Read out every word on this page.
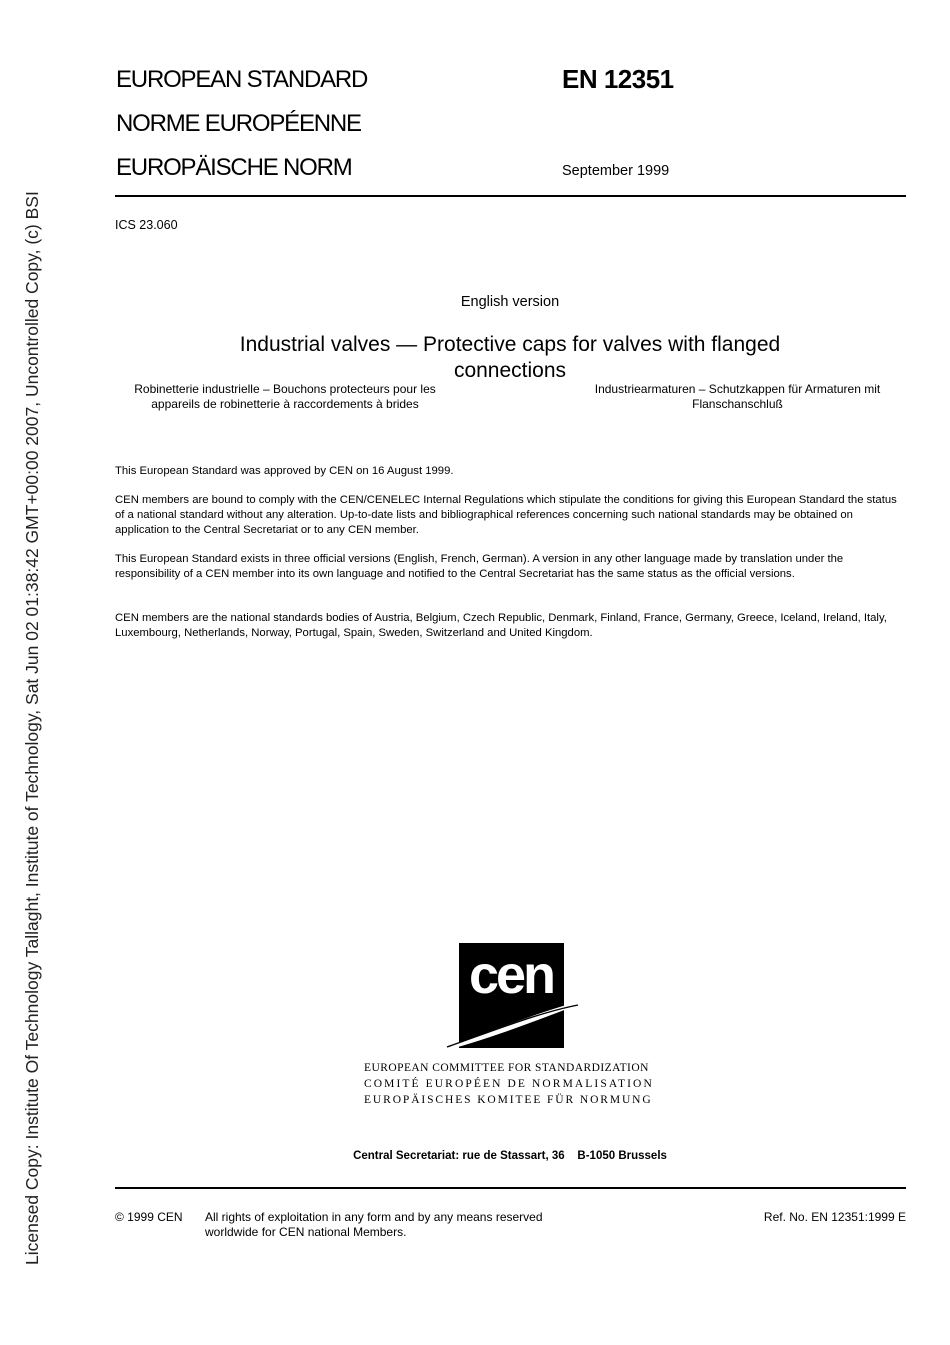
Licensed Copy: Institute Of Technology Tallaght, Institute of Technology, Sat Jun 02 01:38:42 GMT+00:00 2007, Uncontrolled Copy, (c) BSI
EUROPEAN STANDARD
NORME EUROPÉENNE
EUROPÄISCHE NORM
EN 12351
September 1999
ICS 23.060
English version
Industrial valves — Protective caps for valves with flanged
connections
Robinetterie industrielle – Bouchons protecteurs pour les
appareils de robinetterie à raccordements à brides
Industriearmaturen – Schutzkappen für Armaturen mit
Flanschanschluß

This European Standard was approved by CEN on 16 August 1999.

CEN members are bound to comply with the CEN/CENELEC Internal Regulations which stipulate the conditions for giving this European Standard the status of a national standard without any alteration. Up-to-date lists and bibliographical references concerning such national standards may be obtained on application to the Central Secretariat or to any CEN member.

This European Standard exists in three official versions (English, French, German). A version in any other language made by translation under the responsibility of a CEN member into its own language and notified to the Central Secretariat has the same status as the official versions.

CEN members are the national standards bodies of Austria, Belgium, Czech Republic, Denmark, Finland, France, Germany, Greece, Iceland, Ireland, Italy, Luxembourg, Netherlands, Norway, Portugal, Spain, Sweden, Switzerland and United Kingdom.

cen
EUROPEAN COMMITTEE FOR STANDARDIZATION
COMITÉ EUROPÉEN DE NORMALISATION
EUROPÄISCHES KOMITEE FÜR NORMUNG
Central Secretariat: rue de Stassart, 36    B-1050 Brussels
© 1999 CEN All rights of exploitation in any form and by any means reserved
worldwide for CEN national Members.
Ref. No. EN 12351:1999 E
